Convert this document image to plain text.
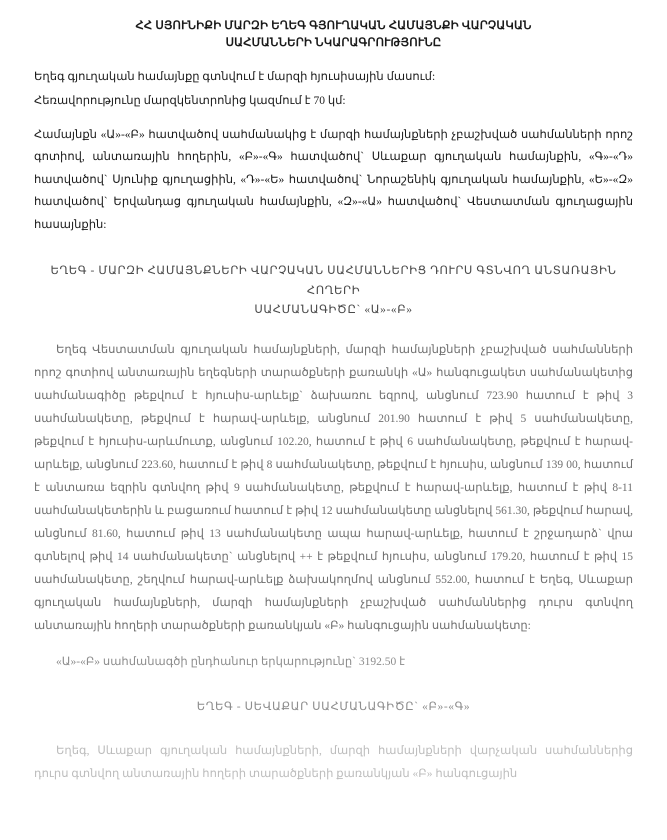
ՀՀ ՍՅՈՒՆԻՔԻ ՄԱՐԶԻ ԵՂԵԳ ԳՅՈՒՂԱԿԱՆ ՀԱՄԱՅՆՔԻ ՎԱՐՉԱԿԱՆ
ՍԱՀՄԱՆՆԵՐԻ ՆԿԱՐԱԳՐՈՒԹՅՈՒՆԸ

Եղեգ գյուղական համայնքը գտնվում է մարզի հյուսիսային մասում:

Հեռավորությունը մարզկենտրոնից կազմում է 70 կմ:

Համայնքն «Ա»-«Բ» հատվածով սահմանակից է մարզի համայնքների չբաշխված սահմանների որոշ գոտիով, անտառային հողերին, «Բ»-«Գ» հատվածով` Սևաքար գյուղական համայնքին, «Գ»-«Դ» հատվածով` Սյունիք գյուղացիին, «Դ»-«Ե» հատվածով` Նորաշենիկ գյուղական համայնքին, «Ե»-«Զ» հատվածով` Երվանդաց գյուղական համայնքին, «Զ»-«Ա» հատվածով` Վեստատման գյուղացային հասայնքին:
ԵՂԵԳ - ՄԱՐԶԻ ՀԱՄԱՅՆՔՆԵՐԻ ՎԱՐՉԱԿԱՆ ՍԱՀՄԱՆՆԵՐԻՑ ԴՈՒՐՍ ԳՏՆՎՈՂ ԱՆՏԱՌԱՅԻՆ ՀՈՂԵՐԻ
ՍԱՀՄԱՆԱԳԻԾԸ` «Ա»-«Բ»
Եղեգ Վեստատման գյուղական համայնքների, մարզի համայնքների չբաշխված սահմանների որոշ գոտիով անտառային եղեգների տարածքների քառանկի «Ա» հանգուցակետ սահմանակետից սահմանագիծը թեքվում է հյուսիս-արևելք` ձախառու եզրով, անցնում 723.90 հատում է թիվ 3 սահմանակետը, թեքվում է հարավ-արևելք, անցնում 201.90 հատում է թիվ 5 սահմանակետը, թեքվում է հյուսիս-արևմուտք, անցնում 102.20, հատում է թիվ 6 սահմանակետը, թեքվում է հարավ-արևելք, անցնում 223.60, հատում է թիվ 8 սահմանակետը, թեքվում է հյուսիս, անցնում 139 00, հատում է անտառա եզրին գտնվող թիվ 9 սահմանակետը, թեքվում է հարավ-արևելք, հատում է թիվ 8-11 սահմանակետերին և բացառում հատում է թիվ 12 սահմանակետը անցնելով 561.30, թեքվում հարավ, անցնում 81.60, հատում թիվ 13 սահմանակետը ապա հարավ-արևելք, հատում է շրջադարձ` վրա գտնելով թիվ 14 սահմանակետը` անցնելով ++ է թեքվում հյուսիս, անցնում 179.20, հատում է թիվ 15 սահմանակետը, շեղվում հարավ-արևելք ձախակողմով անցնում 552.00, հատում է Եղեգ, Սևաքար գյուղական համայնքների, մարզի համայնքների չբաշխված սահմաններից դուրս գտնվող անտառային հողերի տարածքների քառանկյան «Բ» հանգուցային սահմանակետը:
«Ա»-«Բ» սահմանագծի ընդհանուր երկարությունը` 3192.50 է
ԵՂԵԳ - ՍԵՎԱՔԱՐ ՍԱՀՄԱՆԱԳԻԾԸ` «Բ»-«Գ»
Եղեգ, Սևաքար գյուղական համայնքների, մարզի համայնքների վարչական սահմաններից դուրս գտնվող անտառային հողերի տարածքների քառանկյան «Բ» հանգուցային
